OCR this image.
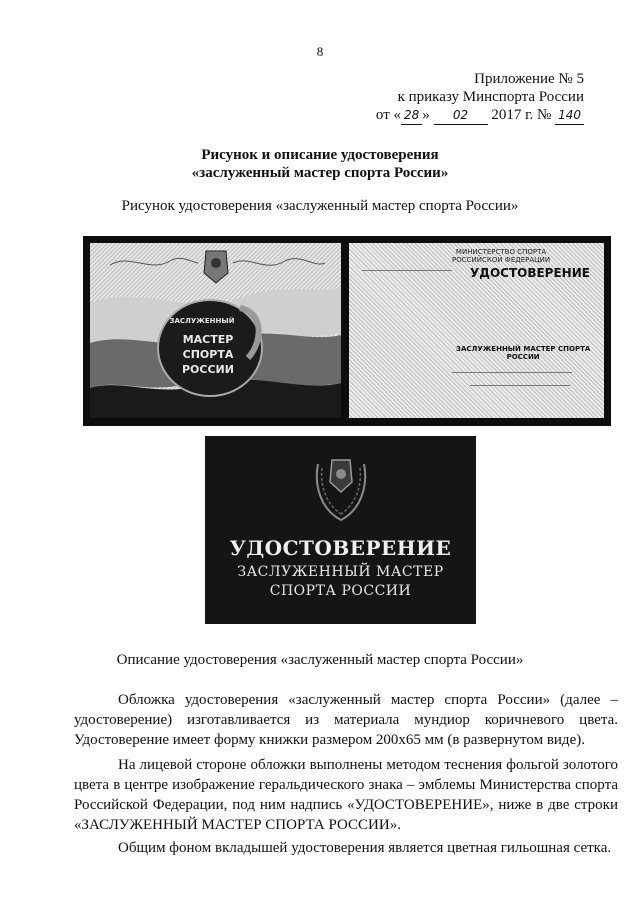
8
Приложение № 5
к приказу Минспорта России
от « 28 » 02 2017 г. № 140
Рисунок и описание удостоверения
«заслуженный мастер спорта России»
Рисунок удостоверения «заслуженный мастер спорта России»
ЗАСЛУЖЕННЫЙ
МАСТЕР
СПОРТА
РОССИИ
МИНИСТЕРСТВО СПОРТА
РОССИЙСКОЙ ФЕДЕРАЦИИ
УДОСТОВЕРЕНИЕ
ЗАСЛУЖЕННЫЙ МАСТЕР СПОРТА
РОССИИ
УДОСТОВЕРЕНИЕ
ЗАСЛУЖЕННЫЙ МАСТЕР
СПОРТА РОССИИ
Описание удостоверения «заслуженный мастер спорта России»
Обложка удостоверения «заслуженный мастер спорта России» (далее –
удостоверение) изготавливается из материала мундиор коричневого цвета.
Удостоверение имеет форму книжки размером 200х65 мм (в развернутом виде).
На лицевой стороне обложки выполнены методом теснения фольгой золотого
цвета в центре изображение геральдического знака – эмблемы Министерства спорта
Российской Федерации, под ним надпись «УДОСТОВЕРЕНИЕ», ниже в две строки
«ЗАСЛУЖЕННЫЙ МАСТЕР СПОРТА РОССИИ».
Общим фоном вкладышей удостоверения является цветная гильошная сетка.
